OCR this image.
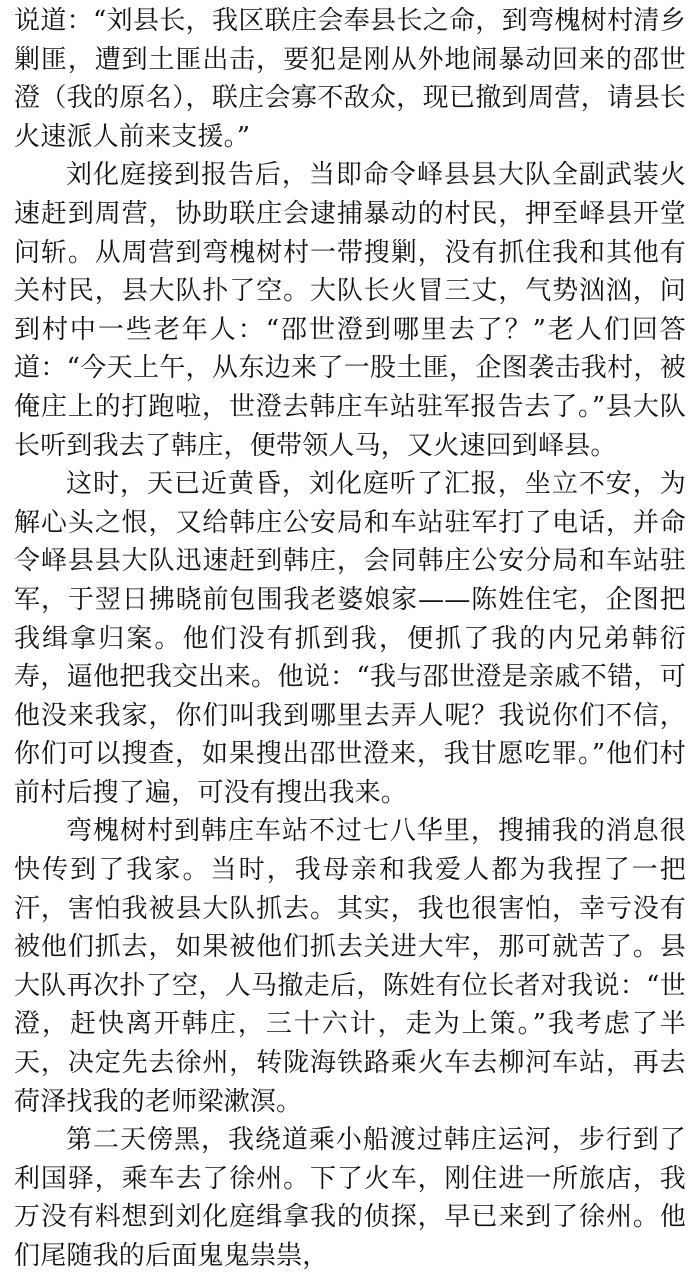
说道：“刘县长，我区联庄会奉县长之命，到弯槐树村清乡剿匪，遭到土匪出击，要犯是刚从外地闹暴动回来的邵世澄（我的原名），联庄会寡不敌众，现已撤到周营，请县长火速派人前来支援。”

刘化庭接到报告后，当即命令峄县县大队全副武装火速赶到周营，协助联庄会逮捕暴动的村民，押至峄县开堂问斩。从周营到弯槐树村一带搜剿，没有抓住我和其他有关村民，县大队扑了空。大队长火冒三丈，气势汹汹，问到村中一些老年人：“邵世澄到哪里去了？”老人们回答道：“今天上午，从东边来了一股土匪，企图袭击我村，被俺庄上的打跑啦，世澄去韩庄车站驻军报告去了。”县大队长听到我去了韩庄，便带领人马，又火速回到峄县。

这时，天已近黄昏，刘化庭听了汇报，坐立不安，为解心头之恨，又给韩庄公安局和车站驻军打了电话，并命令峄县县大队迅速赶到韩庄，会同韩庄公安分局和车站驻军，于翌日拂晓前包围我老婆娘家——陈姓住宅，企图把我缉拿归案。他们没有抓到我，便抓了我的内兄弟韩衍寿，逼他把我交出来。他说：“我与邵世澄是亲戚不错，可他没来我家，你们叫我到哪里去弄人呢？我说你们不信，你们可以搜查，如果搜出邵世澄来，我甘愿吃罪。”他们村前村后搜了遍，可没有搜出我来。

弯槐树村到韩庄车站不过七八华里，搜捕我的消息很快传到了我家。当时，我母亲和我爱人都为我捏了一把汗，害怕我被县大队抓去。其实，我也很害怕，幸亏没有被他们抓去，如果被他们抓去关进大牢，那可就苦了。县大队再次扑了空，人马撤走后，陈姓有位长者对我说：“世澄，赶快离开韩庄，三十六计，走为上策。”我考虑了半天，决定先去徐州，转陇海铁路乘火车去柳河车站，再去荷泽找我的老师梁漱溟。

第二天傍黑，我绕道乘小船渡过韩庄运河，步行到了利国驿，乘车去了徐州。下了火车，刚住进一所旅店，我万没有料想到刘化庭缉拿我的侦探，早已来到了徐州。他们尾随我的后面鬼鬼祟祟，
